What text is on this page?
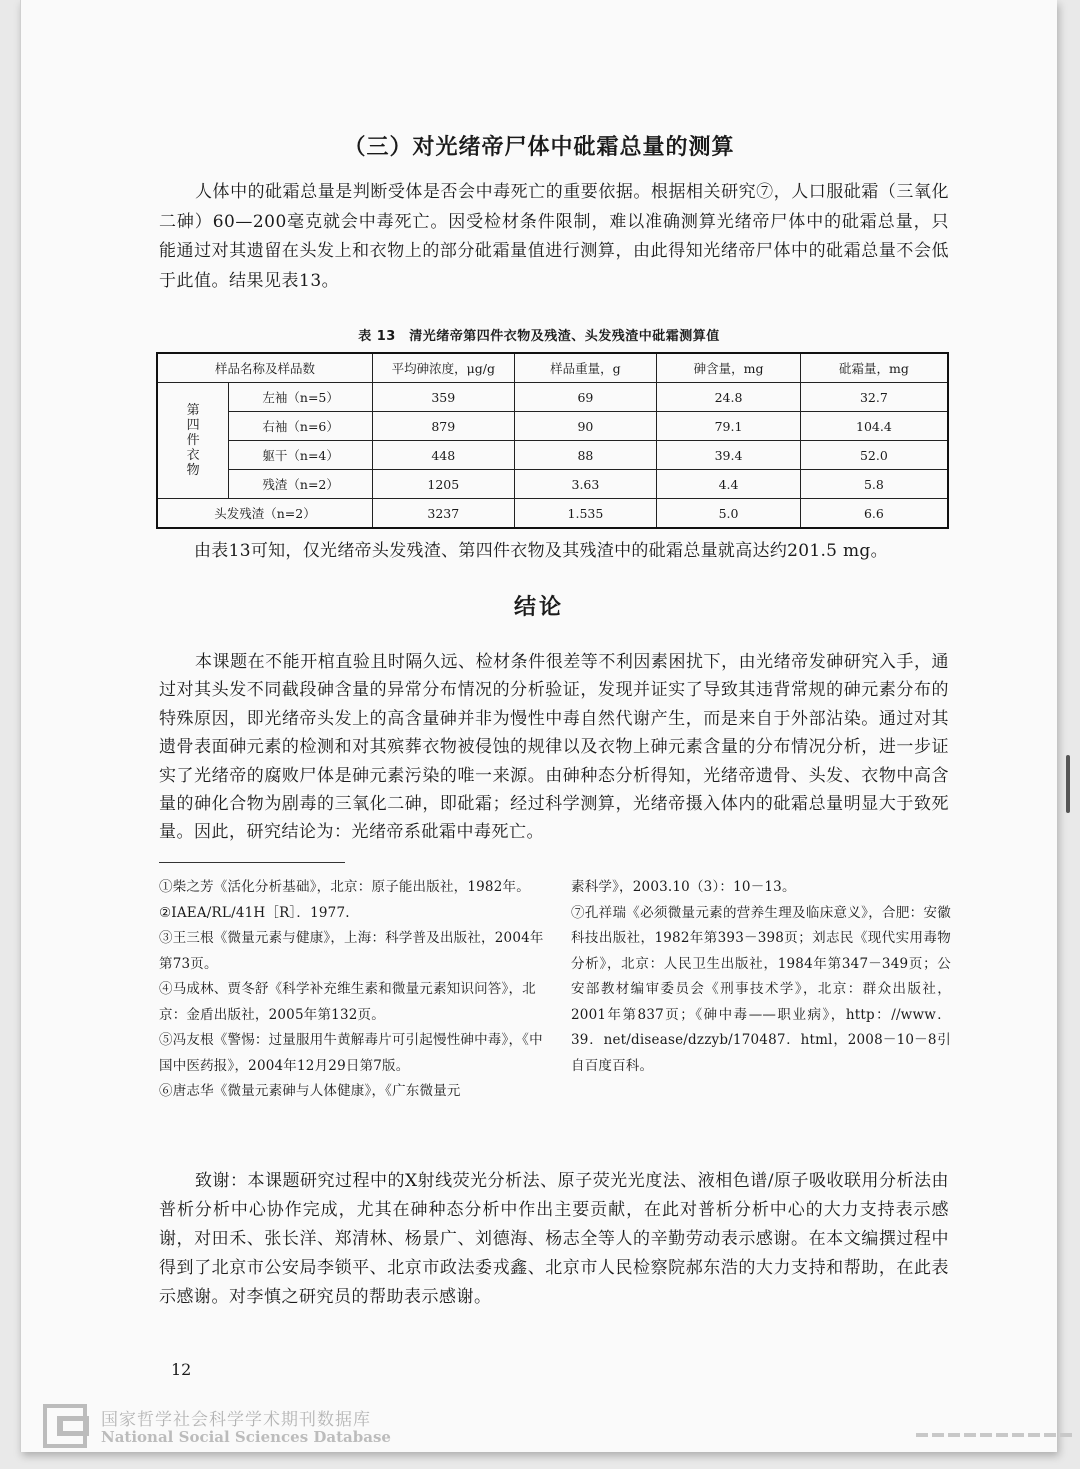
（三）对光绪帝尸体中砒霜总量的测算
人体中的砒霜总量是判断受体是否会中毒死亡的重要依据。根据相关研究⑦，人口服砒霜（三氧化二砷）60—200毫克就会中毒死亡。因受检材条件限制，难以准确测算光绪帝尸体中的砒霜总量，只能通过对其遗留在头发上和衣物上的部分砒霜量值进行测算，由此得知光绪帝尸体中的砒霜总量不会低于此值。结果见表13。
表 13　清光绪帝第四件衣物及残渣、头发残渣中砒霜测算值
样品名称及样品数		平均砷浓度，μg/g	样品重量，g	砷含量，mg	砒霜量，mg

第四件衣物	左袖（n=5）	359	69	24.8	32.7
	右袖（n=6）	879	90	79.1	104.4
	躯干（n=4）	448	88	39.4	52.0
	残渣（n=2）	1205	3.63	4.4	5.8
头发残渣（n=2）		3237	1.535	5.0	6.6
由表13可知，仅光绪帝头发残渣、第四件衣物及其残渣中的砒霜总量就高达约201.5 mg。
结论
本课题在不能开棺直验且时隔久远、检材条件很差等不利因素困扰下，由光绪帝发砷研究入手，通过对其头发不同截段砷含量的异常分布情况的分析验证，发现并证实了导致其违背常规的砷元素分布的特殊原因，即光绪帝头发上的高含量砷并非为慢性中毒自然代谢产生，而是来自于外部沾染。通过对其遗骨表面砷元素的检测和对其殡葬衣物被侵蚀的规律以及衣物上砷元素含量的分布情况分析，进一步证实了光绪帝的腐败尸体是砷元素污染的唯一来源。由砷种态分析得知，光绪帝遗骨、头发、衣物中高含量的砷化合物为剧毒的三氧化二砷，即砒霜；经过科学测算，光绪帝摄入体内的砒霜总量明显大于致死量。因此，研究结论为：光绪帝系砒霜中毒死亡。
①柴之芳《活化分析基础》，北京：原子能出版社，1982年。
②IAEA/RL/41H［R］．1977.
③王三根《微量元素与健康》，上海：科学普及出版社，2004年第73页。
④马成林、贾冬舒《科学补充维生素和微量元素知识问答》，北京：金盾出版社，2005年第132页。
⑤冯友根《警惕：过量服用牛黄解毒片可引起慢性砷中毒》，《中国中医药报》，2004年12月29日第7版。
⑥唐志华《微量元素砷与人体健康》，《广东微量元
素科学》，2003.10（3）：10－13。
⑦孔祥瑞《必须微量元素的营养生理及临床意义》，合肥：安徽科技出版社，1982年第393－398页；刘志民《现代实用毒物分析》，北京：人民卫生出版社，1984年第347－349页；公安部教材编审委员会《刑事技术学》，北京：群众出版社，2001年第837页；《砷中毒——职业病》，http：//www．39．net/disease/dzzyb/170487．html，2008－10－8引自百度百科。
致谢：本课题研究过程中的X射线荧光分析法、原子荧光光度法、液相色谱/原子吸收联用分析法由普析分析中心协作完成，尤其在砷种态分析中作出主要贡献，在此对普析分析中心的大力支持表示感谢，对田禾、张长洋、郑清林、杨景广、刘德海、杨志全等人的辛勤劳动表示感谢。在本文编撰过程中得到了北京市公安局李锁平、北京市政法委戎鑫、北京市人民检察院郝东浩的大力支持和帮助，在此表示感谢。对李慎之研究员的帮助表示感谢。
12
国家哲学社会科学学术期刊数据库
National Social Sciences Database
